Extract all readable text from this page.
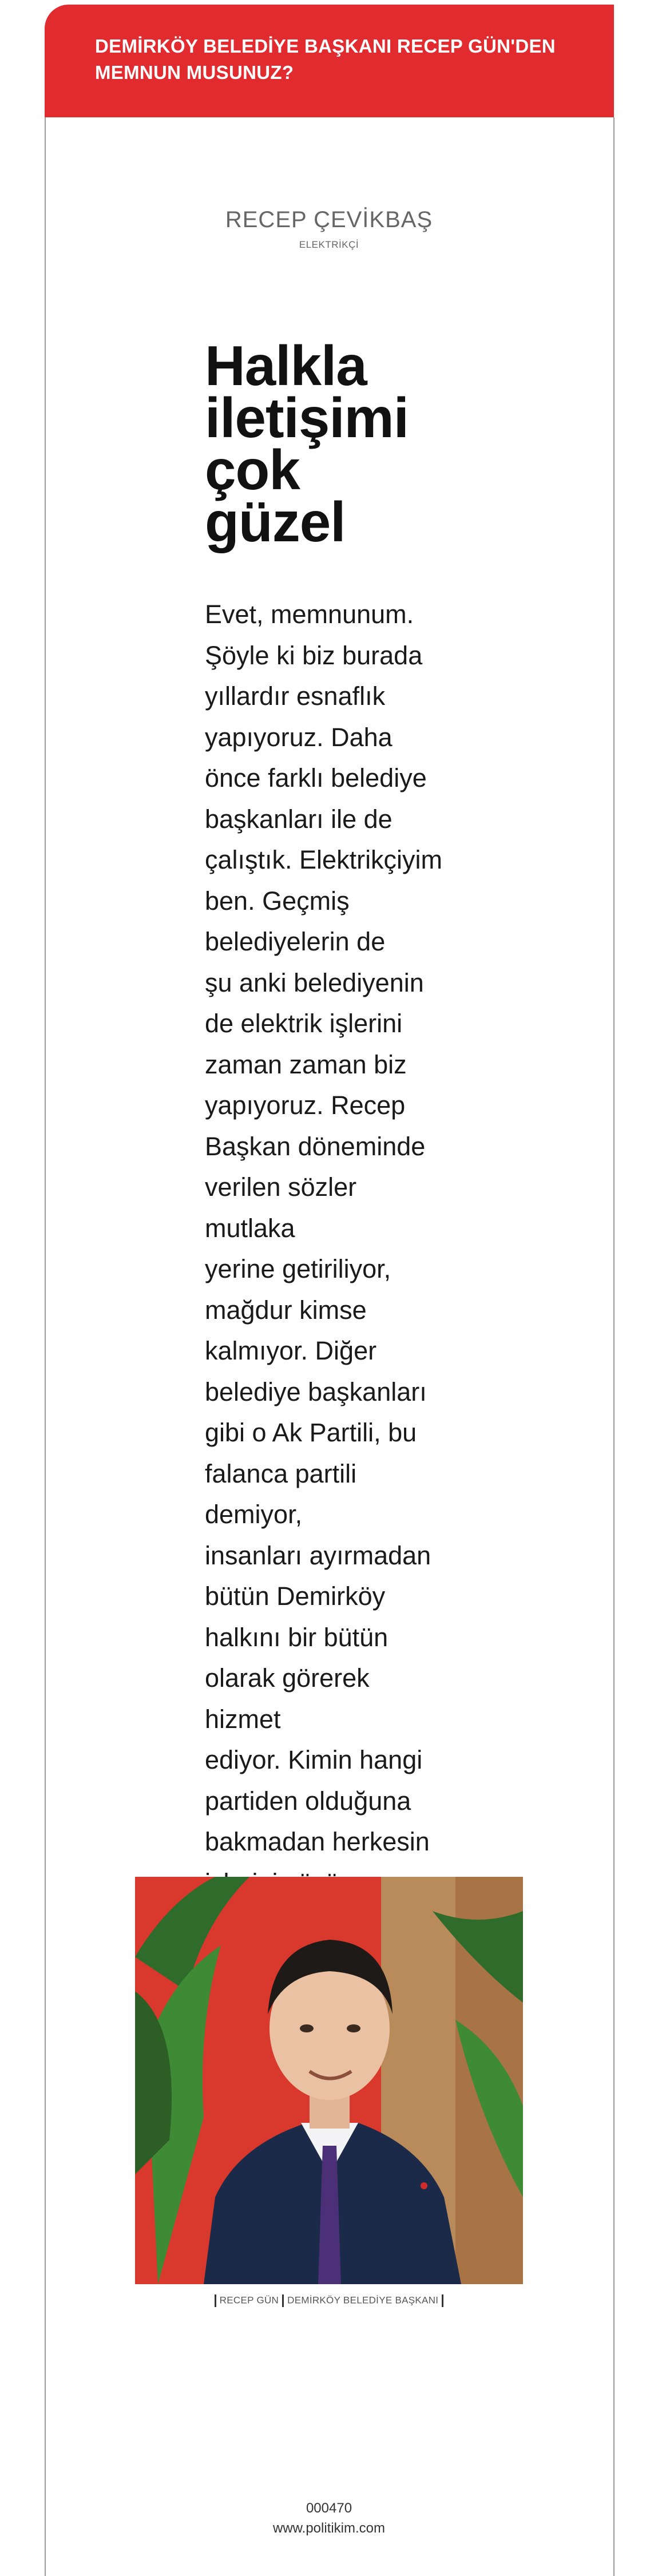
DEMİRKÖY BELEDİYE BAŞKANI RECEP GÜN'DEN
MEMNUN MUSUNUZ?
RECEP ÇEVİKBAŞ
ELEKTRİKÇİ
Halkla
iletişimi
çok
güzel
Evet, memnunum.
Şöyle ki biz burada
yıllardır esnaflık
yapıyoruz. Daha
önce farklı belediye
başkanları ile de
çalıştık. Elektrikçiyim
ben. Geçmiş
belediyelerin de
şu anki belediyenin
de elektrik işlerini
zaman zaman biz
yapıyoruz. Recep
Başkan döneminde
verilen sözler mutlaka
yerine getiriliyor,
mağdur kimse
kalmıyor. Diğer
belediye başkanları
gibi o Ak Partili, bu
falanca partili demiyor,
insanları ayırmadan
bütün Demirköy
halkını bir bütün
olarak görerek hizmet
ediyor. Kimin hangi
partiden olduğuna
bakmadan herkesin
RECEP GÜN DEMİRKÖY BELEDİYE BAŞKANI
000470
www.politikim.com
